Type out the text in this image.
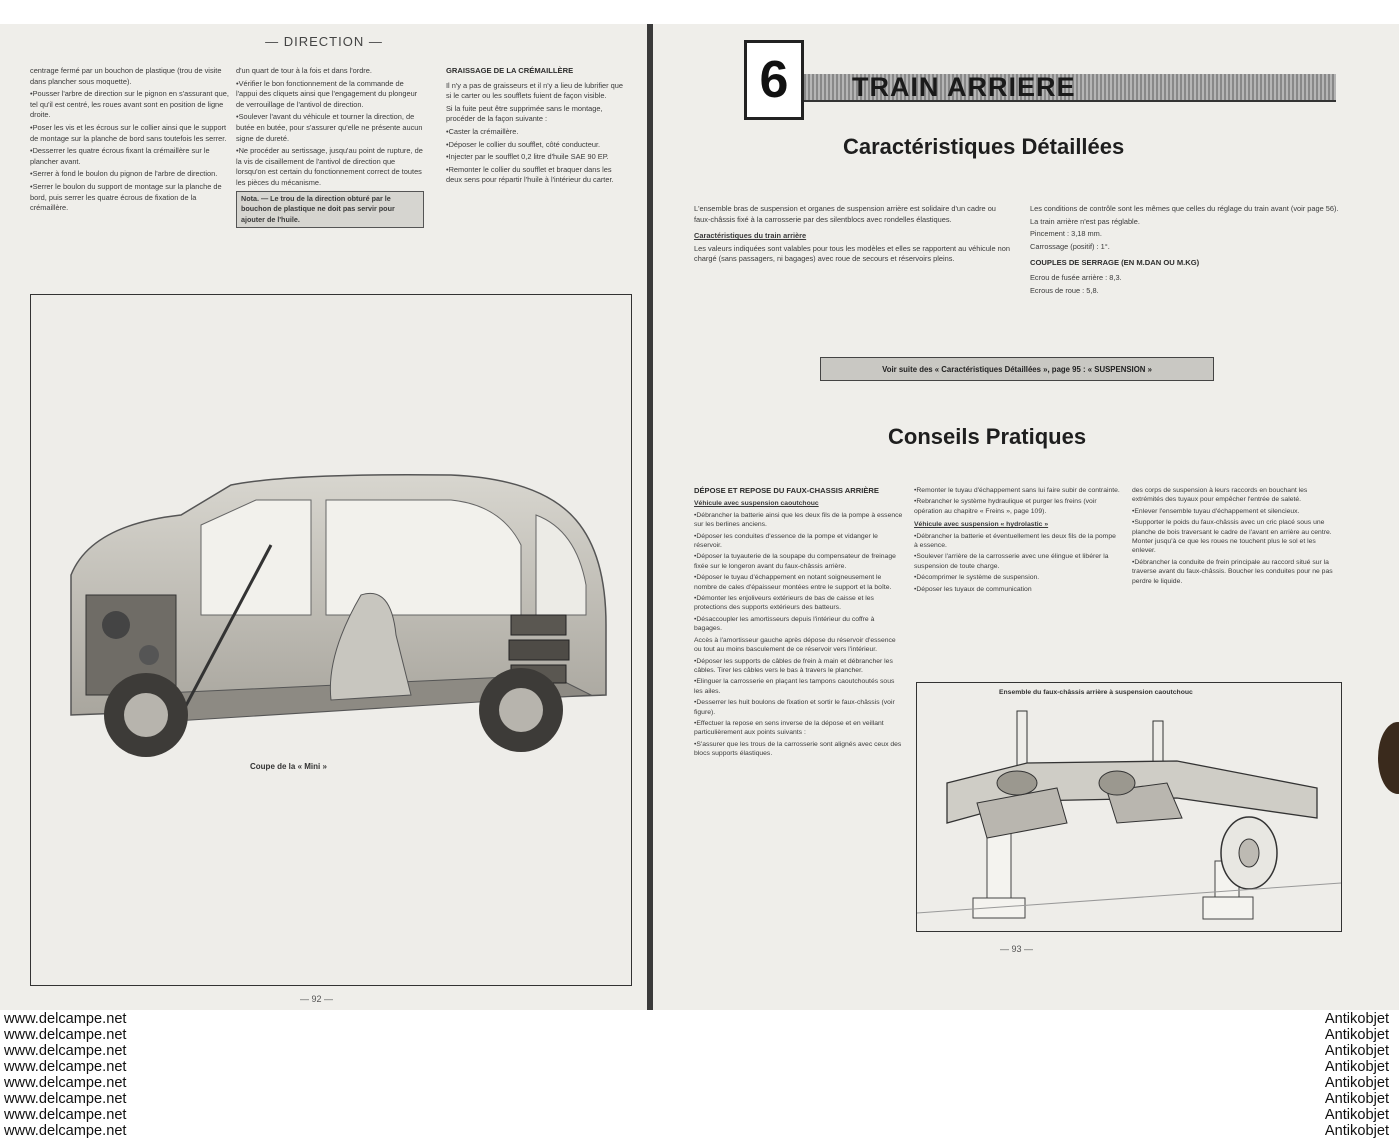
— DIRECTION —

centrage fermé par un bouchon de plastique (trou de visite dans plancher sous moquette).

• Pousser l'arbre de direction sur le pignon en s'assurant que, tel qu'il est centré, les roues avant sont en position de ligne droite.

• Poser les vis et les écrous sur le collier ainsi que le support de montage sur la planche de bord sans toutefois les serrer.

• Desserrer les quatre écrous fixant la crémaillère sur le plancher avant.

• Serrer à fond le boulon du pignon de l'arbre de direction.

• Serrer le boulon du support de montage sur la planche de bord, puis serrer les quatre écrous de fixation de la crémaillère.

d'un quart de tour à la fois et dans l'ordre.

• Vérifier le bon fonctionnement de la commande de l'appui des cliquets ainsi que l'engagement du plongeur de verrouillage de l'antivol de direction.

• Soulever l'avant du véhicule et tourner la direction, de butée en butée, pour s'assurer qu'elle ne présente aucun signe de dureté.

• Ne procéder au sertissage, jusqu'au point de rupture, de la vis de cisaillement de l'antivol de direction que lorsqu'on est certain du fonctionnement correct de toutes les pièces du mécanisme.

Nota. — Le trou de la direction obturé par le bouchon de plastique ne doit pas servir pour ajouter de l'huile.

GRAISSAGE DE LA CRÉMAILLÈRE

Il n'y a pas de graisseurs et il n'y a lieu de lubrifier que si le carter ou les soufflets fuient de façon visible.

Si la fuite peut être supprimée sans le montage, procéder de la façon suivante :

• Caster la crémaillère.

• Déposer le collier du soufflet, côté conducteur.

• Injecter par le soufflet 0,2 litre d'huile SAE 90 EP.

• Remonter le collier du soufflet et braquer dans les deux sens pour répartir l'huile à l'intérieur du carter.

Coupe de la « Mini »
— 92 —
6	TRAIN ARRIERE
Caractéristiques Détaillées

L'ensemble bras de suspension et organes de suspension arrière est solidaire d'un cadre ou faux-châssis fixé à la carrosserie par des silentblocs avec rondelles élastiques.

Caractéristiques du train arrière

Les valeurs indiquées sont valables pour tous les modèles et elles se rapportent au véhicule non chargé (sans passagers, ni bagages) avec roue de secours et réservoirs pleins.

Les conditions de contrôle sont les mêmes que celles du réglage du train avant (voir page 56).

La train arrière n'est pas réglable.

Pincement : 3,18 mm.

Carrossage (positif) : 1°.

COUPLES DE SERRAGE (EN M.DAN OU M.KG)

Ecrou de fusée arrière : 8,3.

Ecrous de roue : 5,8.

Voir suite des « Caractéristiques Détaillées », page 95 : « SUSPENSION »
Conseils Pratiques

DÉPOSE ET REPOSE DU FAUX-CHASSIS ARRIÈRE

Véhicule avec suspension caoutchouc

• Débrancher la batterie ainsi que les deux fils de la pompe à essence sur les berlines anciens.

• Déposer les conduites d'essence de la pompe et vidanger le réservoir.

• Déposer la tuyauterie de la soupape du compensateur de freinage fixée sur le longeron avant du faux-châssis arrière.

• Déposer le tuyau d'échappement en notant soigneusement le nombre de cales d'épaisseur montées entre le support et la boîte.

• Démonter les enjoliveurs extérieurs de bas de caisse et les protections des supports extérieurs des batteurs.

• Désaccoupler les amortisseurs depuis l'intérieur du coffre à bagages.

Accès à l'amortisseur gauche après dépose du réservoir d'essence ou tout au moins basculement de ce réservoir vers l'intérieur.

• Déposer les supports de câbles de frein à main et débrancher les câbles. Tirer les câbles vers le bas à travers le plancher.

• Elinguer la carrosserie en plaçant les tampons caoutchoutés sous les ailes.

• Desserrer les huit boulons de fixation et sortir le faux-châssis (voir figure).

• Effectuer la repose en sens inverse de la dépose et en veillant particulièrement aux points suivants :

• S'assurer que les trous de la carrosserie sont alignés avec ceux des blocs supports élastiques.

• Remonter le tuyau d'échappement sans lui faire subir de contrainte.

• Rebrancher le système hydraulique et purger les freins (voir opération au chapitre « Freins », page 109).

Véhicule avec suspension « hydrolastic »

• Débrancher la batterie et éventuellement les deux fils de la pompe à essence.

• Soulever l'arrière de la carrosserie avec une élingue et libérer la suspension de toute charge.

• Décomprimer le système de suspension.

• Déposer les tuyaux de communication

des corps de suspension à leurs raccords en bouchant les extrémités des tuyaux pour empêcher l'entrée de saleté.

• Enlever l'ensemble tuyau d'échappement et silencieux.

• Supporter le poids du faux-châssis avec un cric placé sous une planche de bois traversant le cadre de l'avant en arrière au centre. Monter jusqu'à ce que les roues ne touchent plus le sol et les enlever.

• Débrancher la conduite de frein principale au raccord situé sur la traverse avant du faux-châssis. Boucher les conduites pour ne pas perdre le liquide.

Ensemble du faux-châssis arrière à suspension caoutchouc
— 93 —
www.delcampe.net
www.delcampe.net
www.delcampe.net
www.delcampe.net
www.delcampe.net
www.delcampe.net
www.delcampe.net
www.delcampe.net
Antikobjet
Antikobjet
Antikobjet
Antikobjet
Antikobjet
Antikobjet
Antikobjet
Antikobjet
